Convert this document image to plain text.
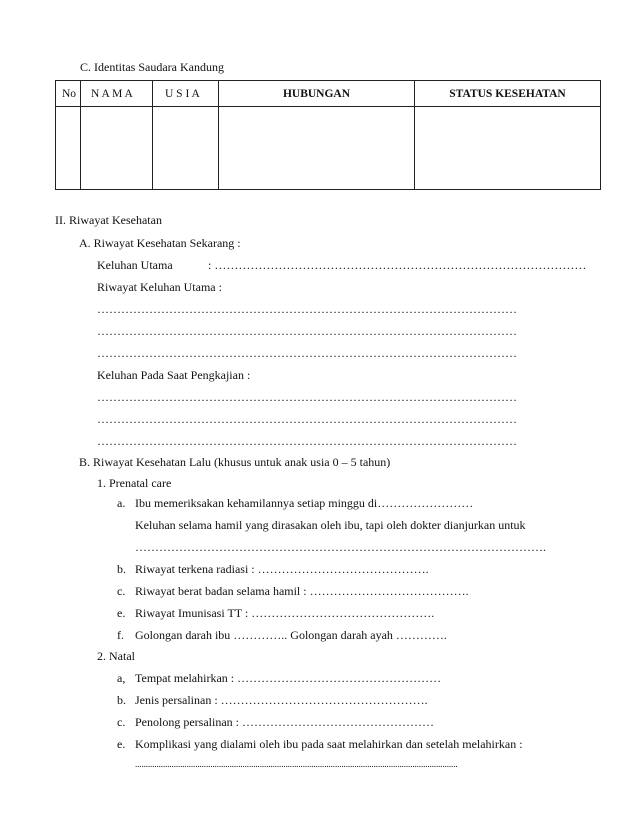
C. Identitas Saudara Kandung
No	N A M A	U S I A	HUBUNGAN	STATUS KESEHATAN

II. Riwayat Kesehatan
A. Riwayat Kesehatan Sekarang :
Keluhan Utama	: …………………………………………………………………………………
Riwayat Keluhan Utama :
……………………………………………………………………………………………
……………………………………………………………………………………………
……………………………………………………………………………………………
Keluhan Pada Saat Pengkajian :
……………………………………………………………………………………………
……………………………………………………………………………………………
……………………………………………………………………………………………
B. Riwayat Kesehatan Lalu (khusus untuk anak usia 0 – 5 tahun)
1. Prenatal care
a. Ibu memeriksakan kehamilannya setiap minggu di……………………
Keluhan selama hamil yang dirasakan oleh ibu, tapi oleh dokter dianjurkan untuk
………………………………………………………………………………………….
b. Riwayat terkena radiasi : …………………………………….
c. Riwayat berat badan selama hamil : ………………………………….
e. Riwayat Imunisasi TT : ……………………………………….
f. Golongan darah ibu ………….. Golongan darah ayah ………….
2. Natal
a, Tempat melahirkan : ……………………………………………
b. Jenis persalinan : …………………………………………….
c. Penolong persalinan : …………………………………………
e. Komplikasi yang dialami oleh ibu pada saat melahirkan dan setelah melahirkan :
......................................................................................................................................................
